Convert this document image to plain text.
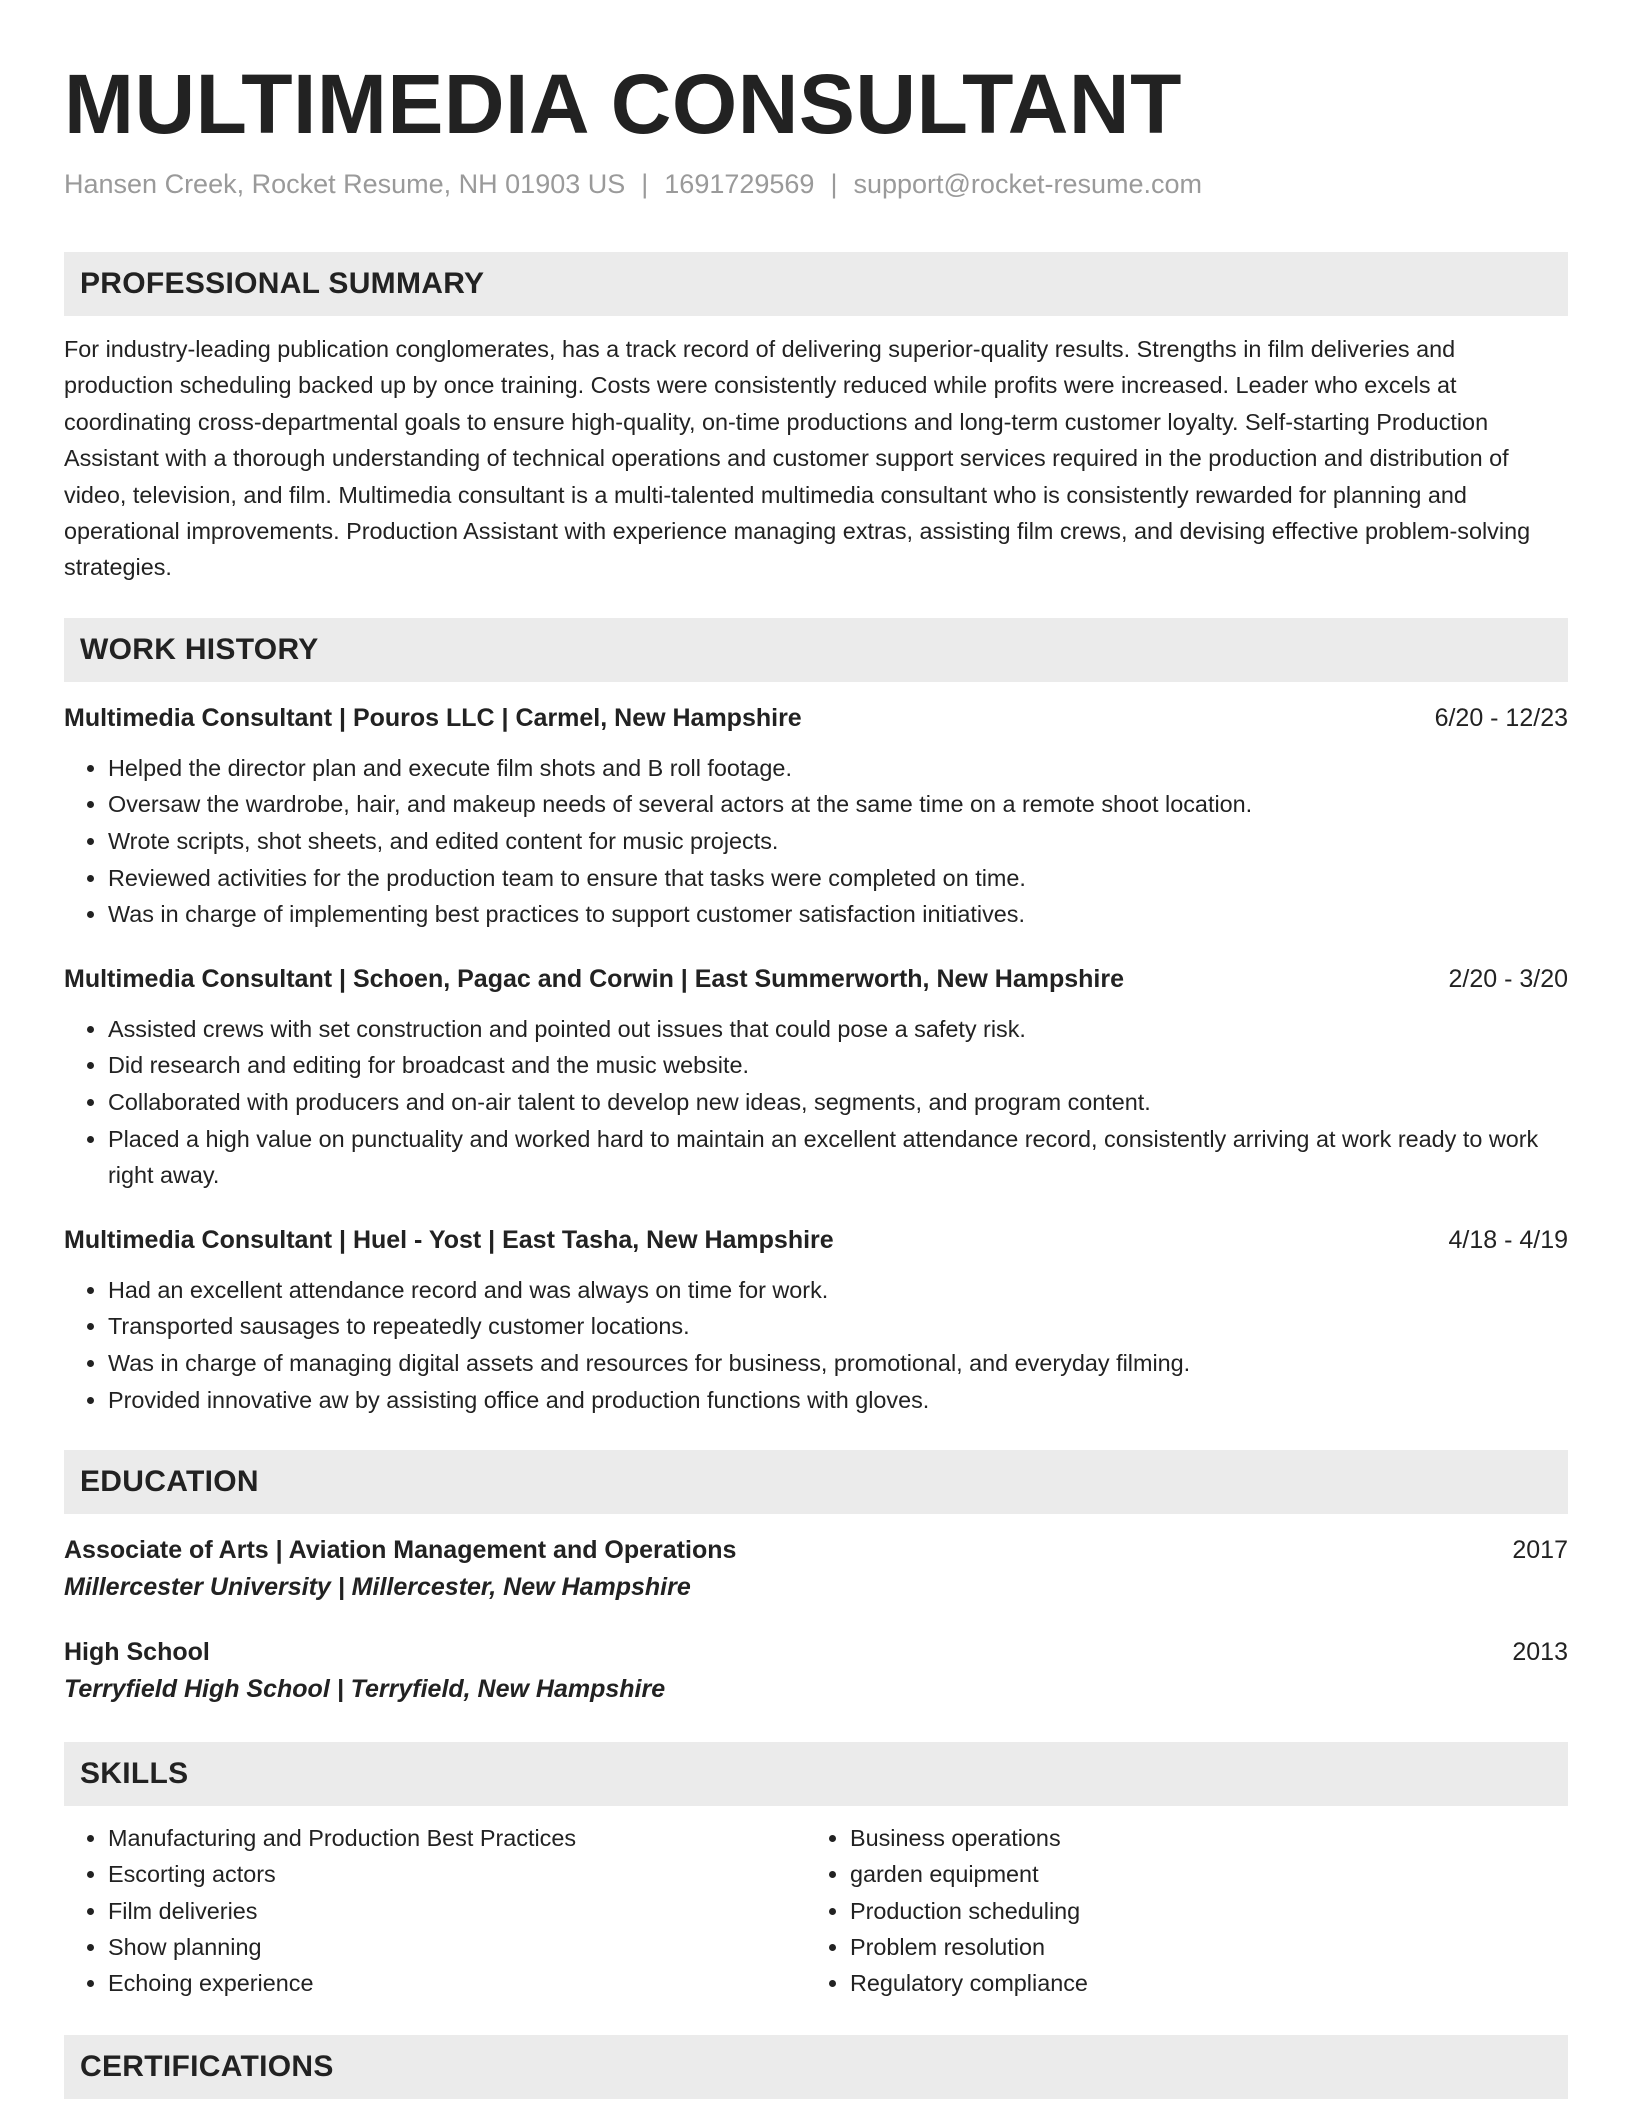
MULTIMEDIA CONSULTANT
Hansen Creek, Rocket Resume, NH 01903 US | 1691729569 | support@rocket-resume.com
PROFESSIONAL SUMMARY
For industry-leading publication conglomerates, has a track record of delivering superior-quality results. Strengths in film deliveries and production scheduling backed up by once training. Costs were consistently reduced while profits were increased. Leader who excels at coordinating cross-departmental goals to ensure high-quality, on-time productions and long-term customer loyalty. Self-starting Production Assistant with a thorough understanding of technical operations and customer support services required in the production and distribution of video, television, and film. Multimedia consultant is a multi-talented multimedia consultant who is consistently rewarded for planning and operational improvements. Production Assistant with experience managing extras, assisting film crews, and devising effective problem-solving strategies.
WORK HISTORY
Multimedia Consultant | Pouros LLC | Carmel, New Hampshire	6/20 - 12/23
• Helped the director plan and execute film shots and B roll footage.
• Oversaw the wardrobe, hair, and makeup needs of several actors at the same time on a remote shoot location.
• Wrote scripts, shot sheets, and edited content for music projects.
• Reviewed activities for the production team to ensure that tasks were completed on time.
• Was in charge of implementing best practices to support customer satisfaction initiatives.
Multimedia Consultant | Schoen, Pagac and Corwin | East Summerworth, New Hampshire	2/20 - 3/20
• Assisted crews with set construction and pointed out issues that could pose a safety risk.
• Did research and editing for broadcast and the music website.
• Collaborated with producers and on-air talent to develop new ideas, segments, and program content.
• Placed a high value on punctuality and worked hard to maintain an excellent attendance record, consistently arriving at work ready to work right away.
Multimedia Consultant | Huel - Yost | East Tasha, New Hampshire	4/18 - 4/19
• Had an excellent attendance record and was always on time for work.
• Transported sausages to repeatedly customer locations.
• Was in charge of managing digital assets and resources for business, promotional, and everyday filming.
• Provided innovative aw by assisting office and production functions with gloves.
EDUCATION
Associate of Arts | Aviation Management and Operations	2017
Millercester University | Millercester, New Hampshire
High School	2013
Terryfield High School | Terryfield, New Hampshire
SKILLS
• Manufacturing and Production Best Practices
• Escorting actors
• Film deliveries
• Show planning
• Echoing experience
• Business operations
• garden equipment
• Production scheduling
• Problem resolution
• Regulatory compliance
CERTIFICATIONS
